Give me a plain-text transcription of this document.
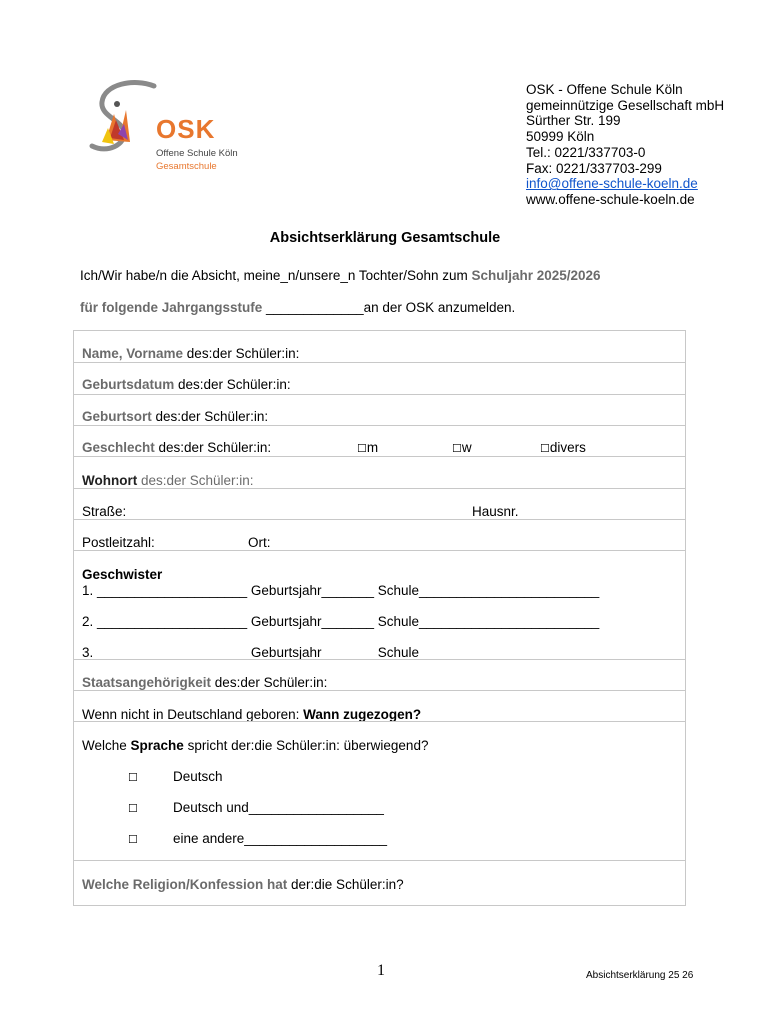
OSK
Offene Schule Köln
Gesamtschule
OSK - Offene Schule Köln
gemeinnützige Gesellschaft mbH
Sürther Str. 199
50999 Köln
Tel.: 0221/337703-0
Fax: 0221/337703-299
info@offene-schule-koeln.de
www.offene-schule-koeln.de
Absichtserklärung Gesamtschule
Ich/Wir habe/n die Absicht, meine_n/unsere_n Tochter/Sohn zum Schuljahr 2025/2026
für folgende Jahrgangsstufe _____________an der OSK anzumelden.
Name, Vorname des:der Schüler:in:
Geburtsdatum des:der Schüler:in:
Geburtsort des:der Schüler:in:
Geschlecht des:der Schüler:in:	☐m	☐w	☐divers
Wohnort des:der Schüler:in:
Straße:	Hausnr.
Postleitzahl:	Ort:
Geschwister
1. ____________________ Geburtsjahr_______ Schule________________________
2. ____________________ Geburtsjahr_______ Schule________________________
3. ____________________ Geburtsjahr_______ Schule________________________
Staatsangehörigkeit des:der Schüler:in:
Wenn nicht in Deutschland geboren: Wann zugezogen?
Welche Sprache spricht der:die Schüler:in: überwiegend?
☐	Deutsch
☐	Deutsch und__________________
☐	eine andere___________________
Welche Religion/Konfession hat der:die Schüler:in?
1	Absichtserklärung 25 26
